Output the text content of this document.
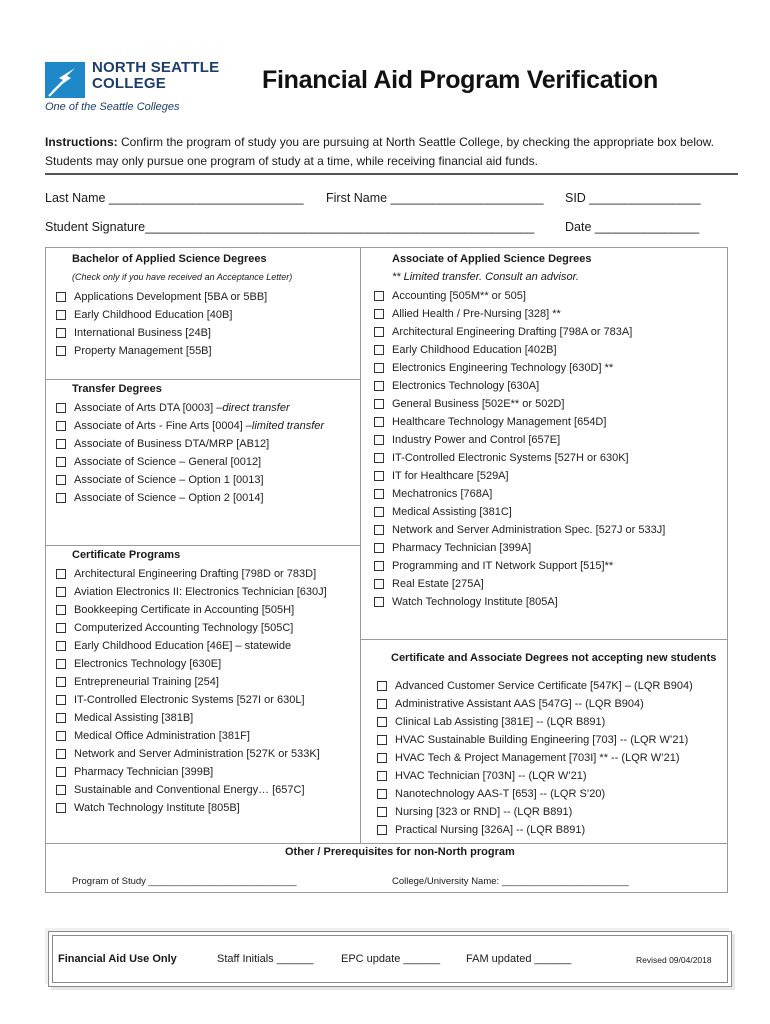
NORTH SEATTLE
COLLEGE
One of the Seattle Colleges
Financial Aid Program Verification
Instructions: Confirm the program of study you are pursuing at North Seattle College, by checking the appropriate box below. Students may only pursue one program of study at a time, while receiving financial aid funds.
Last Name ____________________________ First Name ______________________ SID ________________
Student Signature________________________________________________________ Date _______________
Bachelor of Applied Science Degrees
(Check only if you have received an Acceptance Letter)
Applications Development [5BA or 5BB]
Early Childhood Education [40B]
International Business [24B]
Property Management [55B]
Transfer Degrees
Associate of Arts DTA [0003] – direct transfer
Associate of Arts - Fine Arts [0004] – limited transfer
Associate of Business DTA/MRP [AB12]
Associate of Science – General [0012]
Associate of Science – Option 1 [0013]
Associate of Science – Option 2 [0014]
Certificate Programs
Architectural Engineering Drafting [798D or 783D]
Aviation Electronics II: Electronics Technician [630J]
Bookkeeping Certificate in Accounting [505H]
Computerized Accounting Technology [505C]
Early Childhood Education [46E] – statewide
Electronics Technology [630E]
Entrepreneurial Training [254]
IT-Controlled Electronic Systems [527I or 630L]
Medical Assisting [381B]
Medical Office Administration [381F]
Network and Server Administration [527K or 533K]
Pharmacy Technician [399B]
Sustainable and Conventional Energy… [657C]
Watch Technology Institute [805B]
Associate of Applied Science Degrees
** Limited transfer. Consult an advisor.
Accounting [505M** or 505]
Allied Health / Pre-Nursing [328] **
Architectural Engineering Drafting [798A or 783A]
Early Childhood Education [402B]
Electronics Engineering Technology [630D] **
Electronics Technology [630A]
General Business [502E** or 502D]
Healthcare Technology Management [654D]
Industry Power and Control [657E]
IT-Controlled Electronic Systems [527H or 630K]
IT for Healthcare [529A]
Mechatronics [768A]
Medical Assisting [381C]
Network and Server Administration Spec. [527J or 533J]
Pharmacy Technician [399A]
Programming and IT Network Support [515]**
Real Estate [275A]
Watch Technology Institute [805A]
Certificate and Associate Degrees not accepting new students
Advanced Customer Service Certificate [547K] – (LQR B904)
Administrative Assistant AAS [547G] -- (LQR B904)
Clinical Lab Assisting [381E] -- (LQR B891)
HVAC Sustainable Building Engineering [703] -- (LQR W’21)
HVAC Tech & Project Management [703I] ** -- (LQR W’21)
HVAC Technician [703N] -- (LQR W’21)
Nanotechnology AAS-T [653] -- (LQR S’20)
Nursing [323 or RND] -- (LQR B891)
Practical Nursing [326A] -- (LQR B891)
Other / Prerequisites for non-North program
Program of Study ____________________________	College/University Name: ________________________
Financial Aid Use Only	Staff Initials ______	EPC update ______ FAM updated ______	Revised 09/04/2018
